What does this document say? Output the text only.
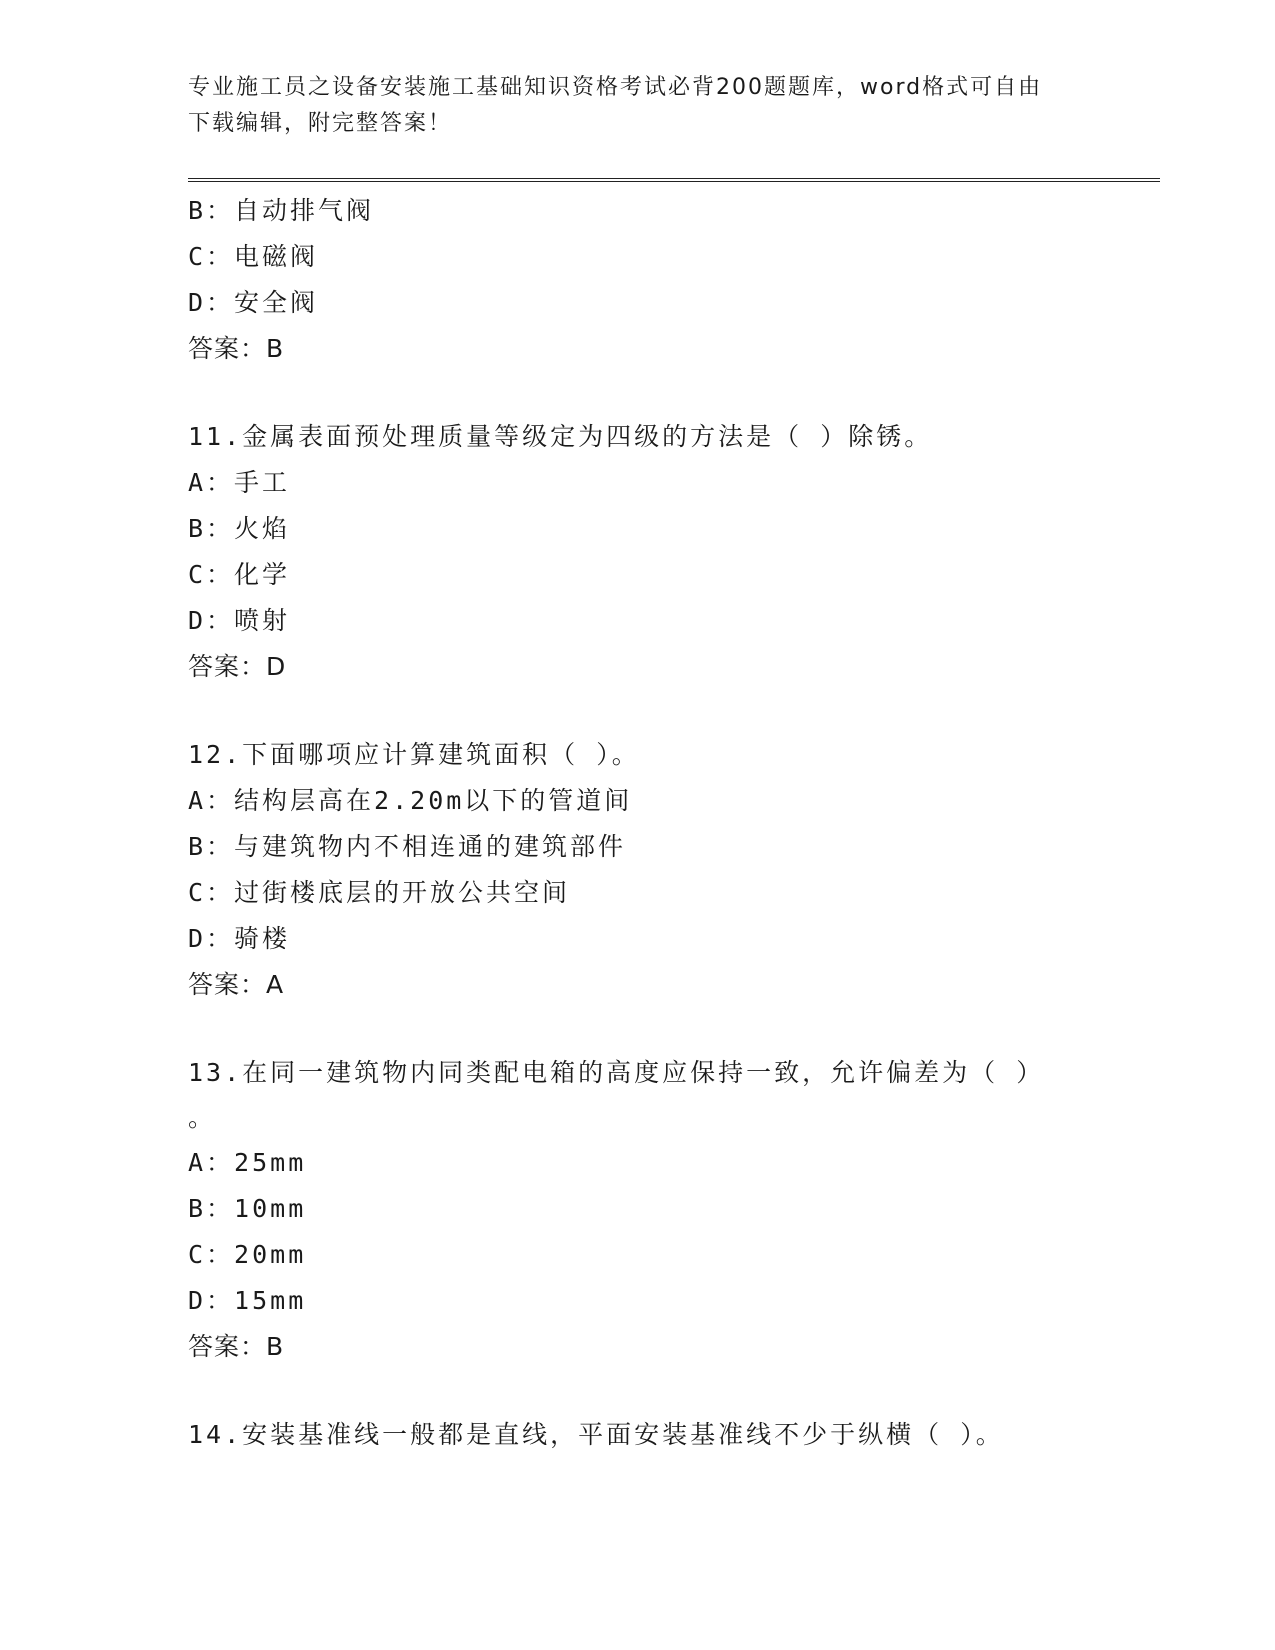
专业施工员之设备安装施工基础知识资格考试必背200题题库，word格式可自由
下载编辑，附完整答案！
B：自动排气阀
C：电磁阀
D：安全阀
答案：B
11.金属表面预处理质量等级定为四级的方法是（ ）除锈。
A：手工
B：火焰
C：化学
D：喷射
答案：D
12.下面哪项应计算建筑面积（ ）。
A：结构层高在2.20m以下的管道间
B：与建筑物内不相连通的建筑部件
C：过街楼底层的开放公共空间
D：骑楼
答案：A
13.在同一建筑物内同类配电箱的高度应保持一致，允许偏差为（ ）
。
A：25mm
B：10mm
C：20mm
D：15mm
答案：B
14.安装基准线一般都是直线，平面安装基准线不少于纵横（ ）。
